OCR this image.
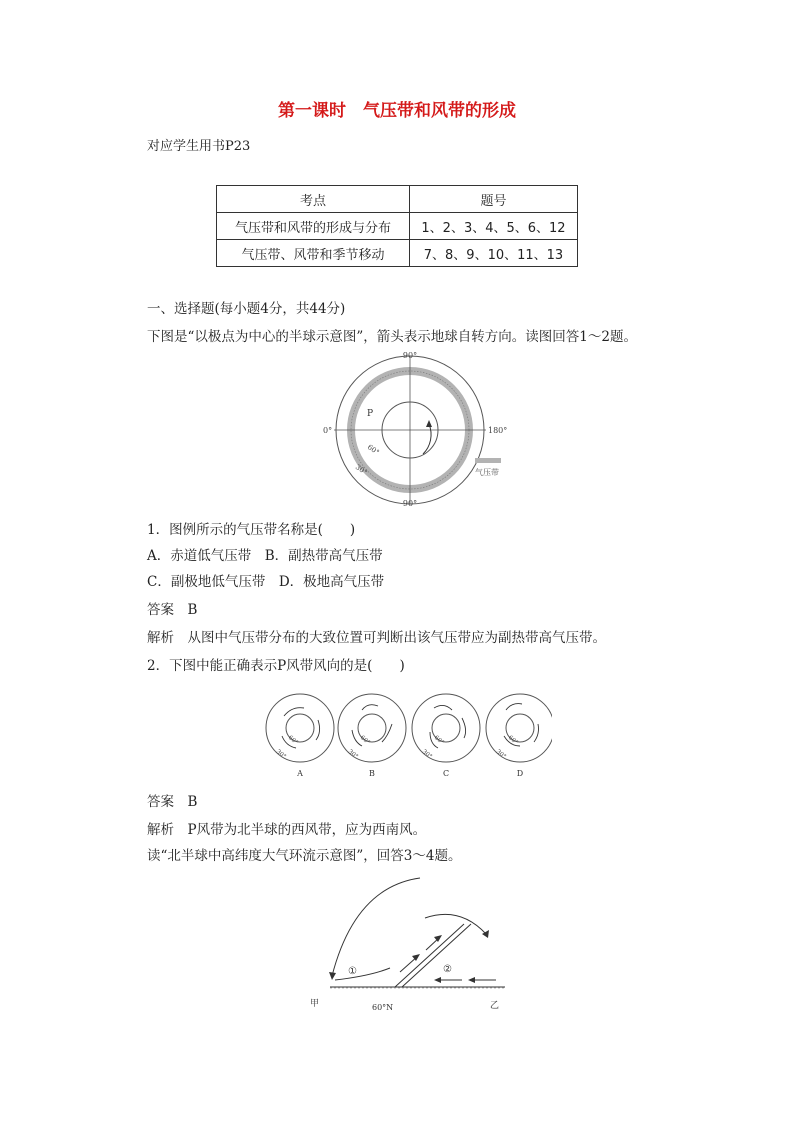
第一课时　气压带和风带的形成
对应学生用书P23
考点	题号
气压带和风带的形成与分布	1、2、3、4、5、6、12
气压带、风带和季节移动	7、8、9、10、11、13
一、选择题(每小题4分，共44分)
下图是“以极点为中心的半球示意图”，箭头表示地球自转方向。读图回答1～2题。
90°
90°
0°	180°
P
60°
30°	气压带
1．图例所示的气压带名称是(　　)
A．赤道低气压带　B．副热带高气压带
C．副极地低气压带　D．极地高气压带
答案　B
解析　从图中气压带分布的大致位置可判断出该气压带应为副热带高气压带。
2．下图中能正确表示P风带风向的是(　　)
60°
30°
A
60°
30°
B
60°
30°
C
60°
30°
D
答案　B
解析　P风带为北半球的西风带，应为西南风。
读“北半球中高纬度大气环流示意图”，回答3～4题。
①	②
甲	60°N	乙
